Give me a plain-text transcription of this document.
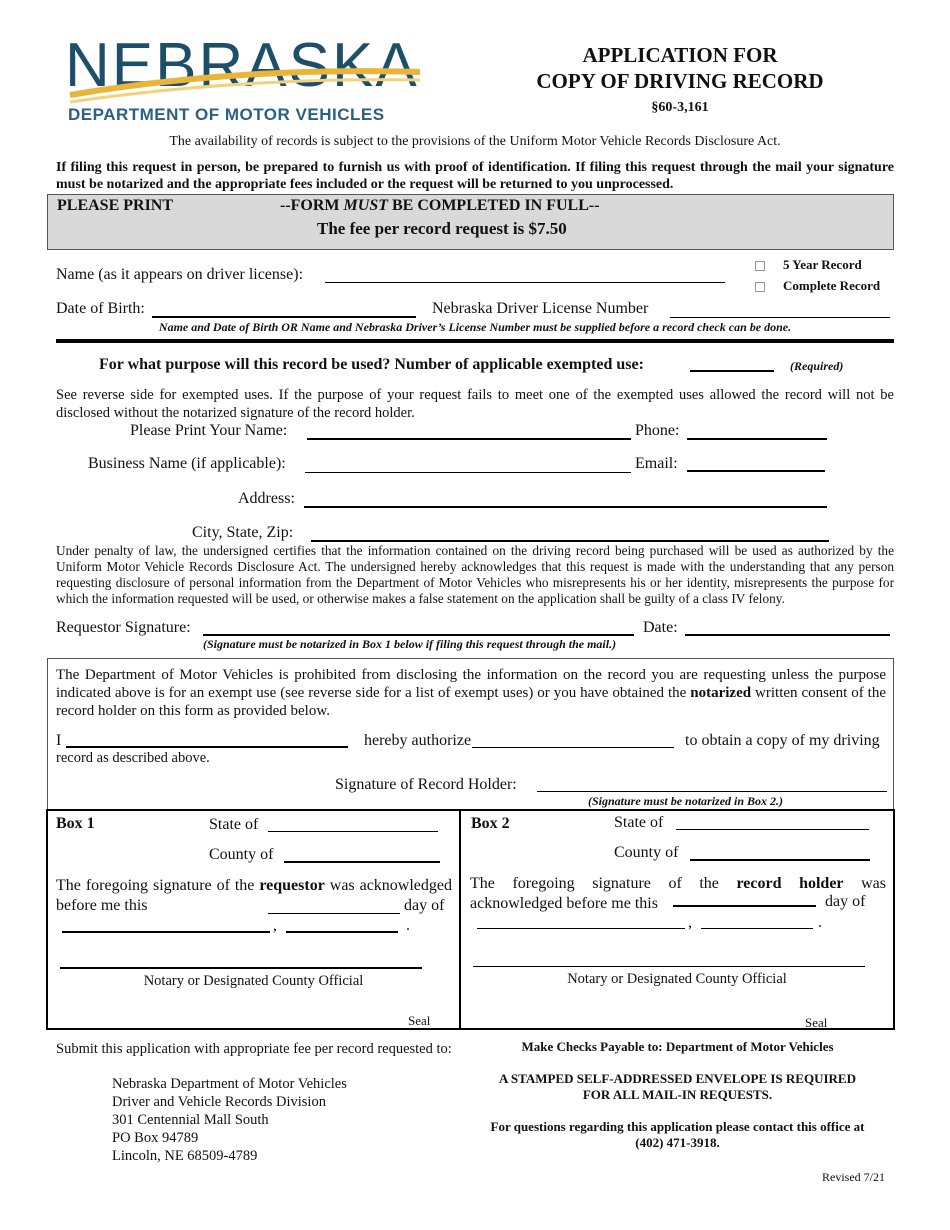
NEBRASKA
DEPARTMENT OF MOTOR VEHICLES
APPLICATION FOR
COPY OF DRIVING RECORD
§60-3,161
The availability of records is subject to the provisions of the Uniform Motor Vehicle Records Disclosure Act.
If filing this request in person, be prepared to furnish us with proof of identification. If filing this request through the mail your signature must be notarized and the appropriate fees included or the request will be returned to you unprocessed.
PLEASE PRINT	--FORM MUST BE COMPLETED IN FULL--
The fee per record request is $7.50
5 Year Record
Complete Record
Name (as it appears on driver license):
Date of Birth:	Nebraska Driver License Number
Name and Date of Birth OR Name and Nebraska Driver’s License Number must be supplied before a record check can be done.
For what purpose will this record be used? Number of applicable exempted use:	(Required)
See reverse side for exempted uses. If the purpose of your request fails to meet one of the exempted uses allowed the record will not be disclosed without the notarized signature of the record holder.
Please Print Your Name:	Phone:
Business Name (if applicable):	Email:
Address:
City, State, Zip:
Under penalty of law, the undersigned certifies that the information contained on the driving record being purchased will be used as authorized by the Uniform Motor Vehicle Records Disclosure Act. The undersigned hereby acknowledges that this request is made with the understanding that any person requesting disclosure of personal information from the Department of Motor Vehicles who misrepresents his or her identity, misrepresents the purpose for which the information requested will be used, or otherwise makes a false statement on the application shall be guilty of a class IV felony.
Requestor Signature:	Date:
(Signature must be notarized in Box 1 below if filing this request through the mail.)
The Department of Motor Vehicles is prohibited from disclosing the information on the record you are requesting unless the purpose indicated above is for an exempt use (see reverse side for a list of exempt uses) or you have obtained the notarized written consent of the record holder on this form as provided below.
I	hereby authorize	to obtain a copy of my driving
record as described above.
Signature of Record Holder:
(Signature must be notarized in Box 2.)
Box 1	State of
County of
The foregoing signature of the requestor was acknowledged before me this	day of
,	.
Notary or Designated County Official
Seal
Box 2	State of
County of
The foregoing signature of the record holder was acknowledged before me this	day of
,	.
Notary or Designated County Official
Seal
Submit this application with appropriate fee per record requested to:
Nebraska Department of Motor Vehicles
Driver and Vehicle Records Division
301 Centennial Mall South
PO Box 94789
Lincoln, NE 68509-4789
Make Checks Payable to: Department of Motor Vehicles
A STAMPED SELF-ADDRESSED ENVELOPE IS REQUIRED
FOR ALL MAIL-IN REQUESTS.
For questions regarding this application please contact this office at
(402) 471-3918.
Revised 7/21
